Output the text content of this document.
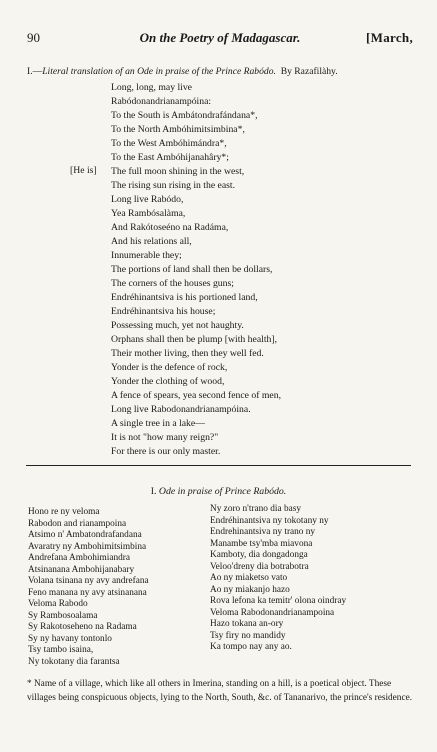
90	On the Poetry of Madagascar.	[March,
I.—Literal translation of an Ode in praise of the Prince Rabódo. By Razafilàhy.
[He is]
Long, long, may live
Rabódonandrianampóina:
To the South is Ambátondrafándana*,
To the North Ambóhimitsimbina*,
To the West Ambóhimándra*,
To the East Ambóhijanahâry*;
The full moon shining in the west,
The rising sun rising in the east.
Long live Rabódo,
Yea Rambósalàma,
And Rakótoseéno na Radáma,
And his relations all,
Innumerable they;
The portions of land shall then be dollars,
The corners of the houses guns;
Endréhinantsiva is his portioned land,
Endréhinantsiva his house;
Possessing much, yet not haughty.
Orphans shall then be plump [with health],
Their mother living, then they well fed.
Yonder is the defence of rock,
Yonder the clothing of wood,
A fence of spears, yea second fence of men,
Long live Rabodonandrianampóina.
A single tree in a lake—
It is not "how many reign?"
For there is our only master.
I. Ode in praise of Prince Rabódo.
Hono re ny veloma
Rabodon and rianampoina
Atsimo n' Ambatondrafandana
Avaratry ny Ambohimitsimbina
Andrefana Ambohimiandra
Atsinanana Ambohijanabary
Volana tsinana ny avy andrefana
Feno manana ny avy atsinanana
Veloma Rabodo
Sy Rambosoalama
Sy Rakotoseheno na Radama
Sy ny havany tontonlo
Tsy tambo isaina,
Ny tokotany dia farantsa
Ny zoro n'trano dia basy
Endréhinantsiva ny tokotany ny
Endrehinantsiva ny trano ny
Manambe tsy'mba miavona
Kamboty, dia dongadonga
Veloo'dreny dia botrabotra
Ao ny miaketso vato
Ao ny miakanjo hazo
Rova lefona ka temitr' olona oindray
Veloma Rabodonandrianampoina
Hazo tokana an-ory
Tsy firy no mandidy
Ka tompo nay any ao.

* Name of a village, which like all others in Imerina, standing on a hill, is a poetical object. These villages being conspicuous objects, lying to the North, South, &c. of Tananarivo, the prince's residence.
